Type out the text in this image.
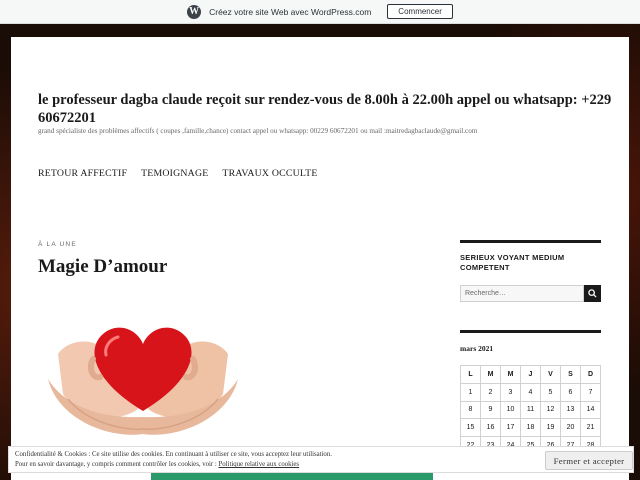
W Créez votre site Web avec WordPress.com	Commencer
le professeur dagba claude reçoit sur rendez-vous de 8.00h à 22.00h appel ou whatsapp: +229 60672201
grand spécialiste des problèmes affectifs ( coupes ,famille,chance) contact appel ou whatsapp: 00229 60672201 ou mail :maitredagbaclaude@gmail.com
RETOUR AFFECTIF TEMOIGNAGE TRAVAUX OCCULTE
À LA UNE
Magie D’amour	SERIEUX VOYANT MEDIUM COMPETENT
Recherche…
mars 2021
L	M	M	J	V	S	D
1	2	3	4	5	6	7
8	9	10	11	12	13	14
15	16	17	18	19	20	21

Confidentialité & Cookies : Ce site utilise des cookies. En continuant à utiliser ce site, vous acceptez leur utilisation.
Pour en savoir davantage, y compris comment contrôler les cookies, voir : Politique relative aux cookies	Fermer et accepter
